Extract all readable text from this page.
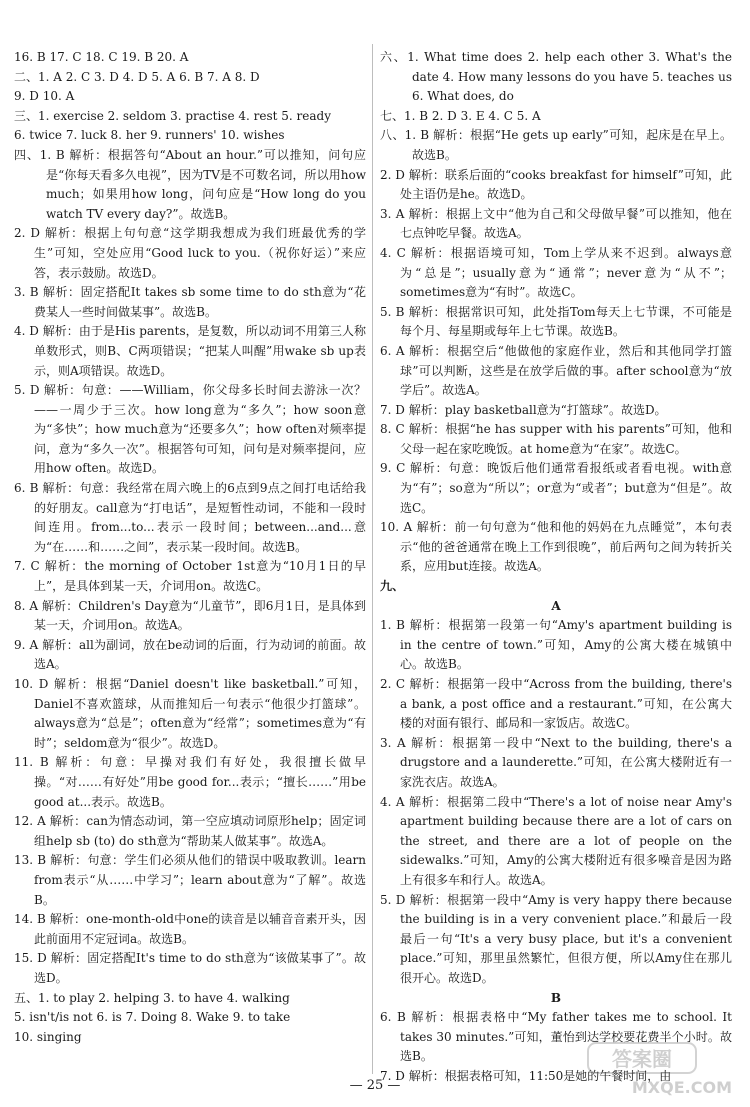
16. B 17. C 18. C 19. B 20. A

二、1. A 2. C 3. D 4. D 5. A 6. B 7. A 8. D

9. D 10. A

三、1. exercise 2. seldom 3. practise 4. rest 5. ready

6. twice 7. luck 8. her 9. runners' 10. wishes

四、1. B 解析：根据答句“About an hour.”可以推知，问句应是“你每天看多久电视”，因为TV是不可数名词，所以用how much；如果用how long，问句应是“How long do you watch TV every day?”。故选B。

2. D 解析：根据上句句意“这学期我想成为我们班最优秀的学生”可知，空处应用“Good luck to you.（祝你好运）”来应答，表示鼓励。故选D。

3. B 解析：固定搭配It takes sb some time to do sth意为“花费某人一些时间做某事”。故选B。

4. D 解析：由于是His parents，是复数，所以动词不用第三人称单数形式，则B、C两项错误；“把某人叫醒”用wake sb up表示，则A项错误。故选D。

5. D 解析：句意：——William，你父母多长时间去游泳一次？——一周少于三次。how long意为“多久”；how soon意为“多快”；how much意为“还要多久”；how often对频率提问，意为“多久一次”。根据答句可知，问句是对频率提问，应用how often。故选D。

6. B 解析：句意：我经常在周六晚上的6点到9点之间打电话给我的好朋友。call意为“打电话”，是短暂性动词，不能和一段时间连用。from...to...表示一段时间；between...and...意为“在……和……之间”，表示某一段时间。故选B。

7. C 解析：the morning of October 1st意为“10月1日的早上”，是具体到某一天，介词用on。故选C。

8. A 解析：Children's Day意为“儿童节”，即6月1日，是具体到某一天，介词用on。故选A。

9. A 解析：all为副词，放在be动词的后面，行为动词的前面。故选A。

10. D 解析：根据“Daniel doesn't like basketball.”可知，Daniel不喜欢篮球，从而推知后一句表示“他很少打篮球”。always意为“总是”；often意为“经常”；sometimes意为“有时”；seldom意为“很少”。故选D。

11. B 解析：句意：早操对我们有好处，我很擅长做早操。“对……有好处”用be good for...表示；“擅长……”用be good at...表示。故选B。

12. A 解析：can为情态动词，第一空应填动词原形help；固定词组help sb (to) do sth意为“帮助某人做某事”。故选A。

13. B 解析：句意：学生们必须从他们的错误中吸取教训。learn from表示“从……中学习”；learn about意为“了解”。故选B。

14. B 解析：one-month-old中one的读音是以辅音音素开头，因此前面用不定冠词a。故选B。

15. D 解析：固定搭配It's time to do sth意为“该做某事了”。故选D。

五、1. to play 2. helping 3. to have 4. walking

5. isn't/is not 6. is 7. Doing 8. Wake 9. to take

10. singing

六、1. What time does 2. help each other 3. What's the date 4. How many lessons do you have 5. teaches us 6. What does, do

七、1. B 2. D 3. E 4. C 5. A

八、1. B 解析：根据“He gets up early”可知，起床是在早上。故选B。

2. D 解析：联系后面的“cooks breakfast for himself”可知，此处主语仍是he。故选D。

3. A 解析：根据上文中“他为自己和父母做早餐”可以推知，他在七点钟吃早餐。故选A。

4. C 解析：根据语境可知，Tom上学从来不迟到。always意为“总是”；usually意为“通常”；never意为“从不”；sometimes意为“有时”。故选C。

5. B 解析：根据常识可知，此处指Tom每天上七节课，不可能是每个月、每星期或每年上七节课。故选B。

6. A 解析：根据空后“他做他的家庭作业，然后和其他同学打篮球”可以判断，这些是在放学后做的事。after school意为“放学后”。故选A。

7. D 解析：play basketball意为“打篮球”。故选D。

8. C 解析：根据“he has supper with his parents”可知，他和父母一起在家吃晚饭。at home意为“在家”。故选C。

9. C 解析：句意：晚饭后他们通常看报纸或者看电视。with意为“有”；so意为“所以”；or意为“或者”；but意为“但是”。故选C。

10. A 解析：前一句句意为“他和他的妈妈在九点睡觉”，本句表示“他的爸爸通常在晚上工作到很晚”，前后两句之间为转折关系，应用but连接。故选A。

九、

A

1. B 解析：根据第一段第一句“Amy's apartment building is in the centre of town.”可知，Amy的公寓大楼在城镇中心。故选B。

2. C 解析：根据第一段中“Across from the building, there's a bank, a post office and a restaurant.”可知，在公寓大楼的对面有银行、邮局和一家饭店。故选C。

3. A 解析：根据第一段中“Next to the building, there's a drugstore and a launderette.”可知，在公寓大楼附近有一家洗衣店。故选A。

4. A 解析：根据第二段中“There's a lot of noise near Amy's apartment building because there are a lot of cars on the street, and there are a lot of people on the sidewalks.”可知，Amy的公寓大楼附近有很多噪音是因为路上有很多车和行人。故选A。

5. D 解析：根据第一段中“Amy is very happy there because the building is in a very convenient place.”和最后一段最后一句“It's a very busy place, but it's a convenient place.”可知，那里虽然繁忙，但很方便，所以Amy住在那儿很开心。故选D。

B

6. B 解析：根据表格中“My father takes me to school. It takes 30 minutes.”可知，董怡到达学校要花费半个小时。故选B。

7. D 解析：根据表格可知，11:50是她的午餐时间，由

— 25 —
答案圈
MXQE.COM
